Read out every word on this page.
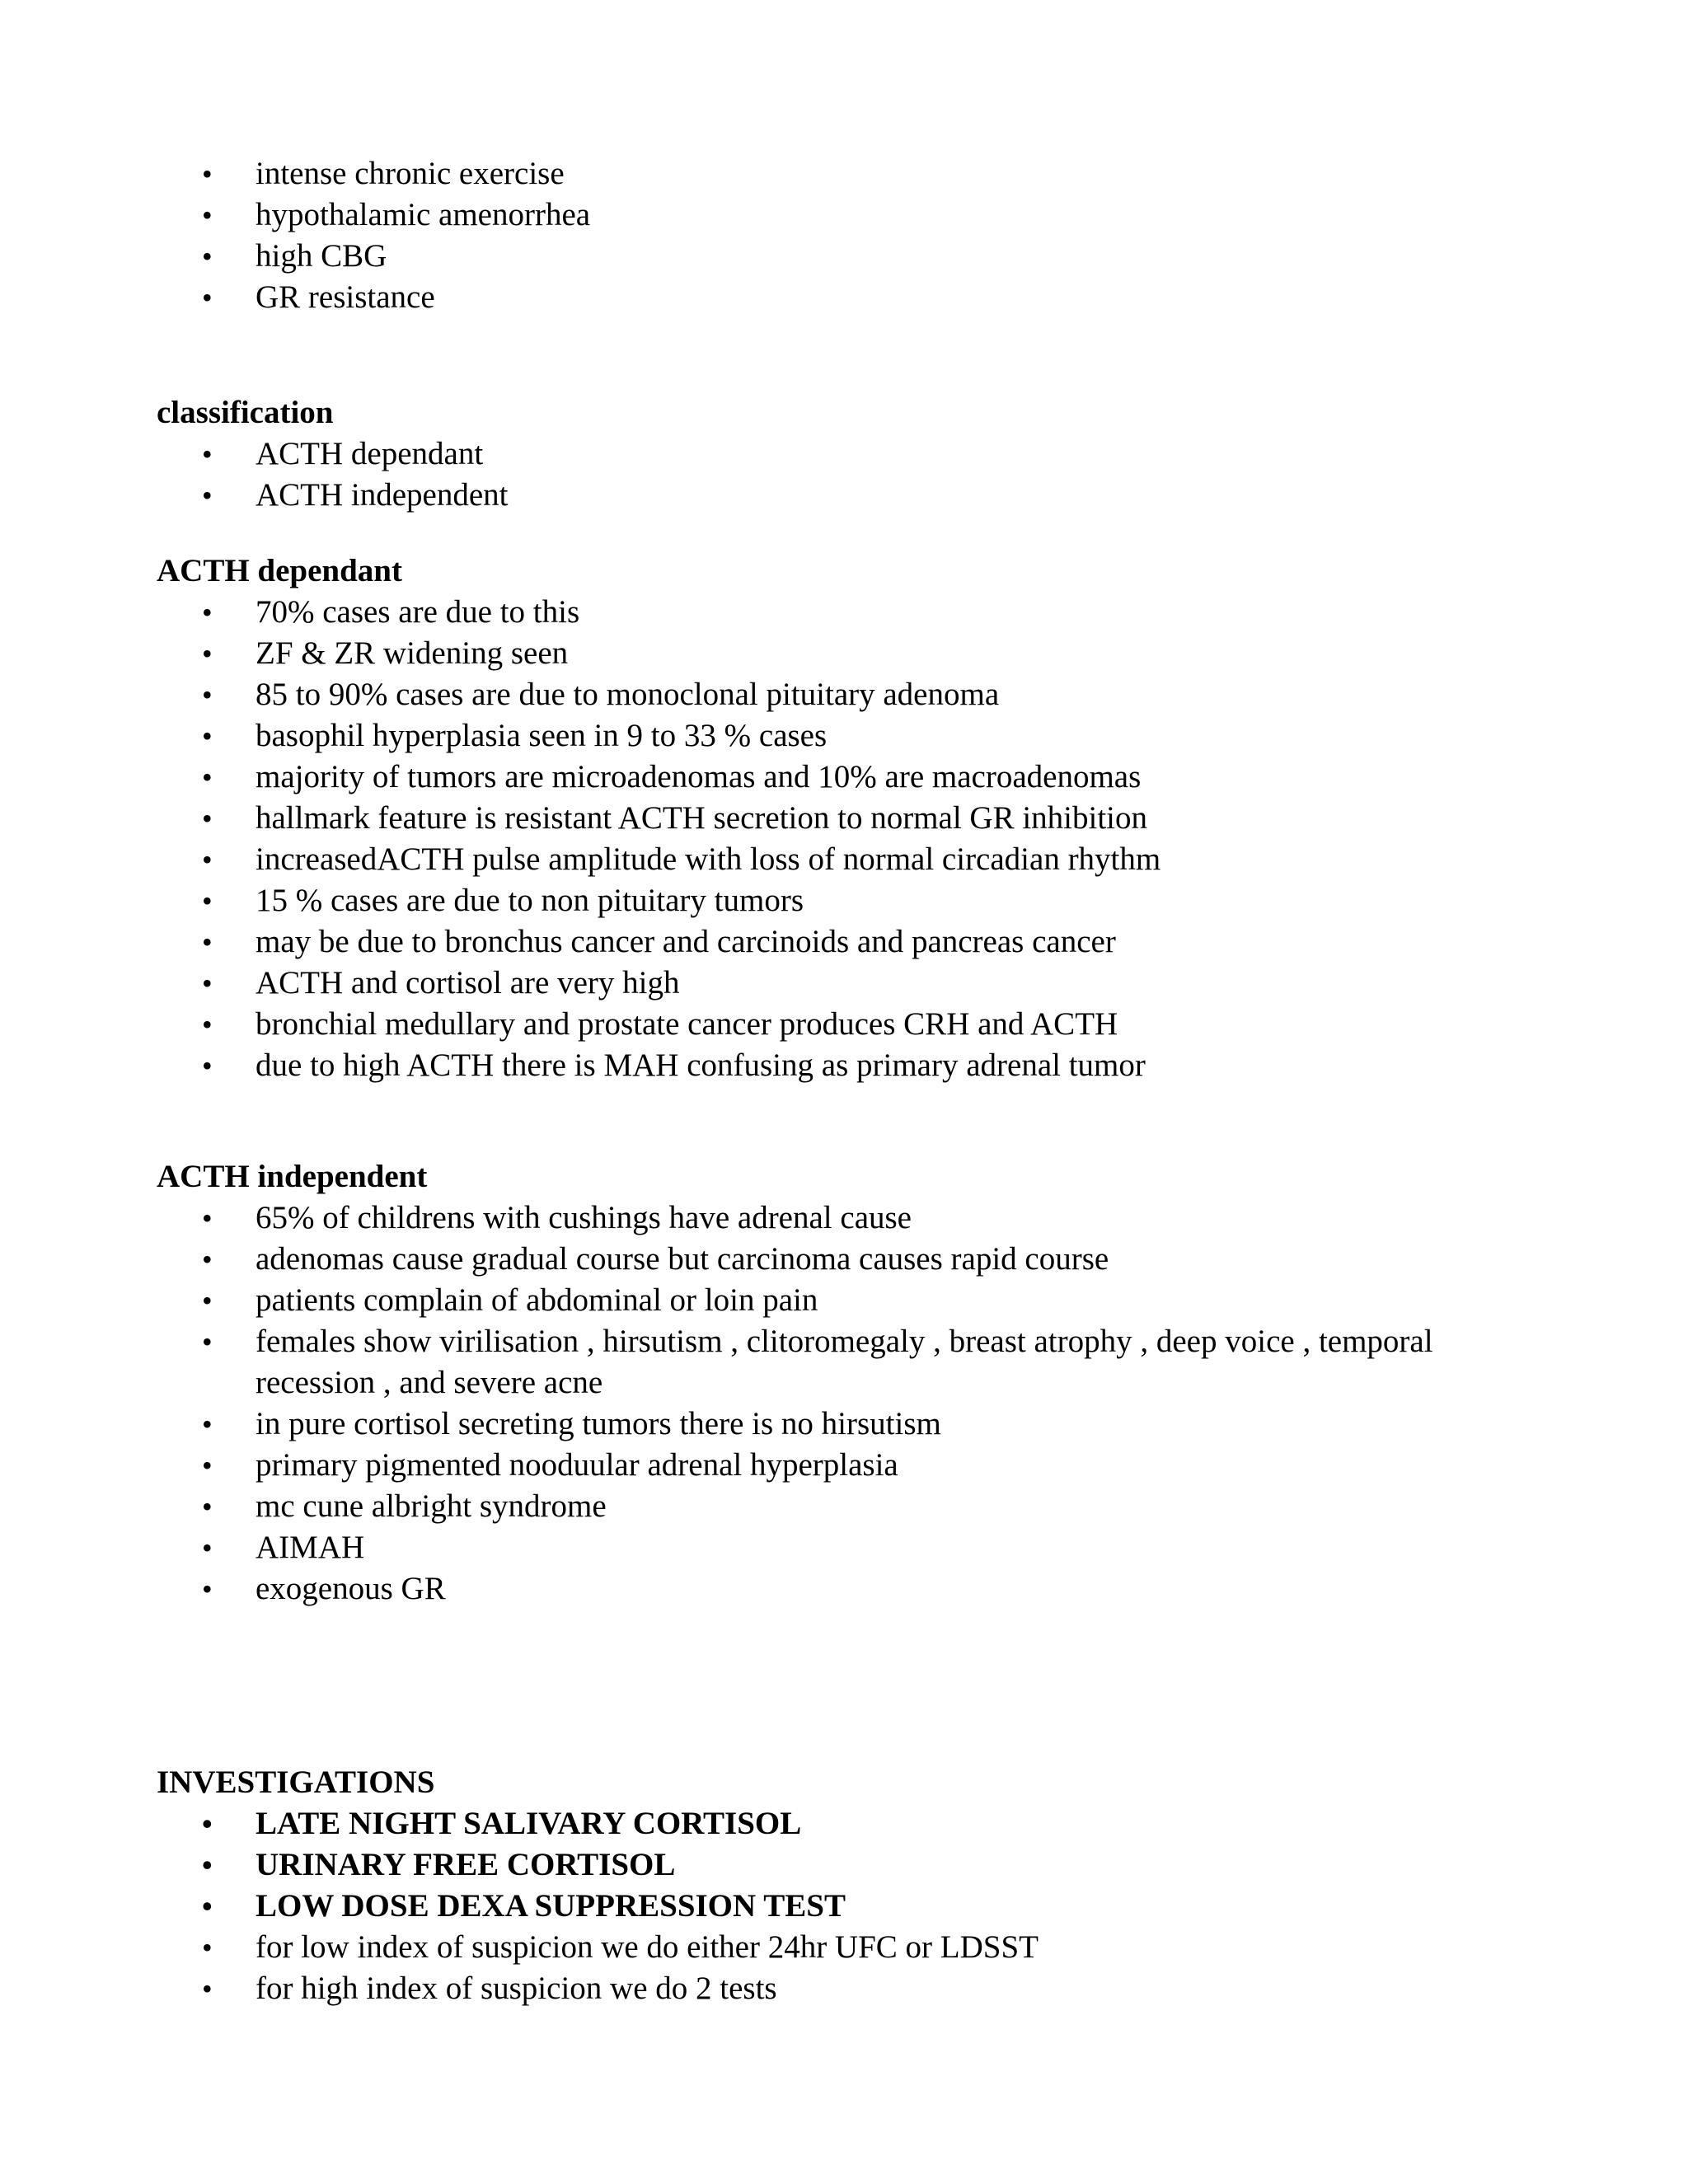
• intense chronic exercise
• hypothalamic amenorrhea
• high CBG
• GR resistance

classification

• ACTH dependant
• ACTH independent

ACTH dependant

• 70% cases are due to this
• ZF & ZR widening seen
• 85 to 90% cases are due to monoclonal pituitary adenoma
• basophil hyperplasia seen in 9 to 33 % cases
• majority of tumors are microadenomas and 10% are macroadenomas
• hallmark feature is resistant ACTH secretion to normal GR inhibition
• increasedACTH pulse amplitude with loss of normal circadian rhythm
• 15 % cases are due to non pituitary tumors
• may be due to bronchus cancer and carcinoids and pancreas cancer
• ACTH and cortisol are very high
• bronchial medullary and prostate cancer produces CRH and ACTH
• due to high ACTH there is MAH confusing as primary adrenal tumor

ACTH independent

• 65% of childrens with cushings have adrenal cause
• adenomas cause gradual course but carcinoma causes rapid course
• patients complain of abdominal or loin pain
• females show virilisation , hirsutism , clitoromegaly , breast atrophy , deep voice , temporal recession , and severe acne
• in pure cortisol secreting tumors there is no hirsutism
• primary pigmented nooduular adrenal hyperplasia
• mc cune albright syndrome
• AIMAH
• exogenous GR

INVESTIGATIONS

• LATE NIGHT SALIVARY CORTISOL
• URINARY FREE CORTISOL
• LOW DOSE DEXA SUPPRESSION TEST
• for low index of suspicion we do either 24hr UFC or LDSST
• for high index of suspicion we do 2 tests
